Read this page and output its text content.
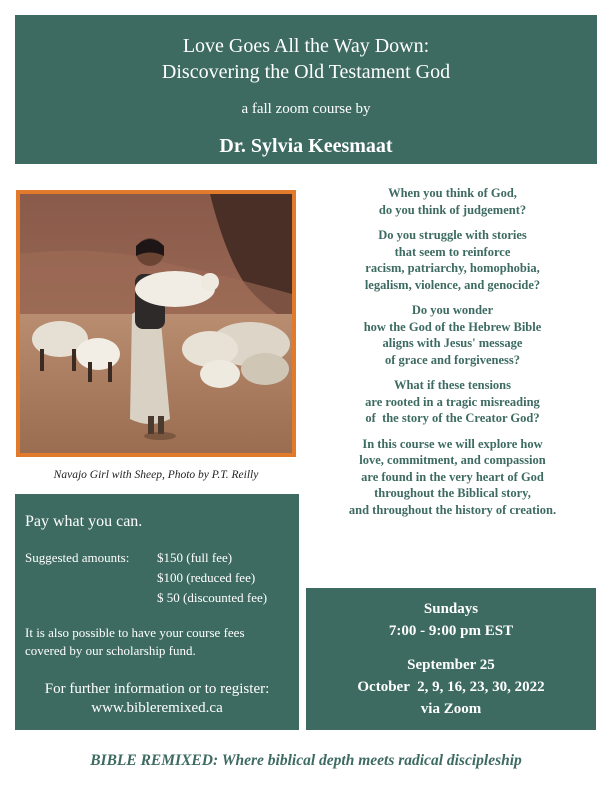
Love Goes All the Way Down:
Discovering the Old Testament God
a fall zoom course by
Dr. Sylvia Keesmaat
Navajo Girl with Sheep, Photo by P.T. Reilly

When you think of God,
do you think of judgement?

Do you struggle with stories
that seem to reinforce
racism, patriarchy, homophobia,
legalism, violence, and genocide?

Do you wonder
how the God of the Hebrew Bible
aligns with Jesus' message
of grace and forgiveness?

What if these tensions
are rooted in a tragic misreading
of  the story of the Creator God?

In this course we will explore how
love, commitment, and compassion
are found in the very heart of God
throughout the Biblical story,
and throughout the history of creation.

Pay what you can.
Suggested amounts: $150 (full fee)
$100 (reduced fee)
$ 50 (discounted fee)
It is also possible to have your course fees
covered by our scholarship fund.
For further information or to register:
www.bibleremixed.ca
Sundays
7:00 - 9:00 pm EST
September 25
October  2, 9, 16, 23, 30, 2022
via Zoom
BIBLE REMIXED: Where biblical depth meets radical discipleship
